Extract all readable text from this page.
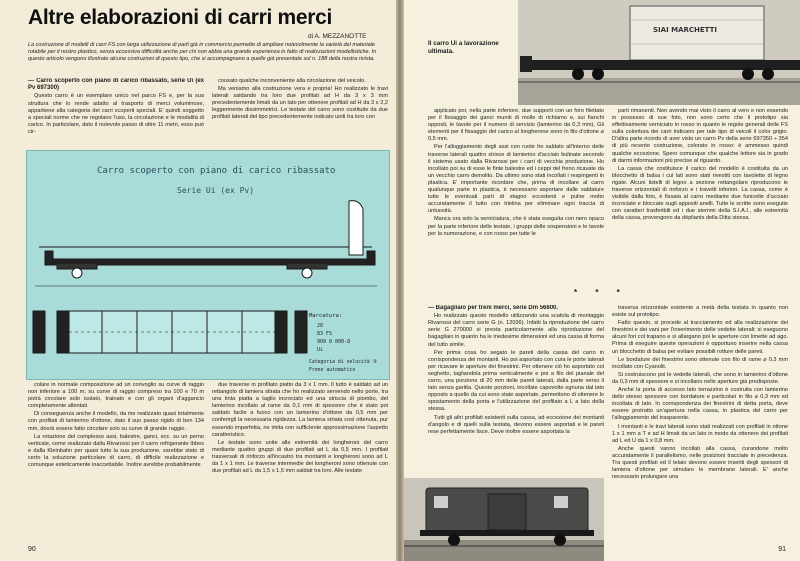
Altre elaborazioni di carri merci
di A. MEZZANOTTE
La costruzione di modelli di carri FS con larga utilizzazione di parti già in commercio permette di ampliare notevolmente la varietà del materiale rotabile per il nostro plastico, senza eccessiva difficoltà anche per chi non abbia una grande esperienza in fatto di realizzazioni modellistiche. In questo articolo vengono illustrate alcune costruzioni di questo tipo, che si accompagnano a quelle già presentate sul n. 188 della nostra rivista.

— Carro scoperto con piano di carico ribassato, serie Ui (ex Pv 697300)

Questo carro è un esemplare unico nel parco FS e, per la sua struttura che lo rende adatto al trasporto di merci voluminose, appartiene alla categoria dei carri scoperti speciali. E' quindi soggetto a speciali norme che ne regolano l'uso, la circolazione e le modalità di carico. In particolare, dato il notevole passo di oltre 11 metri, esso può cir-

cousato qualche inconveniente alla circolazione del veicolo.

Ma veniamo alla costruzione vera e propria! Ho realizzato le travi laterali saldando tra loro due profilati ad H da 3 x 3 mm precedentemente limati da un lato per ottenere profilati ad H da 3 x 2,2 leggermente dissimmetrici. Le testate del carro sono costituite da due profilati laterali del tipo precedentemente indicato uniti tra loro con

Carro scoperto con piano di carico ribassato
Serie Ui (ex Pv)
Marcatura:
20
83 FS
909 0 000-8
Ui
Categoria di velocità ③
Freno automatico

colare in normale composizione ad un convoglio su curve di raggio non inferiore a 100 m; su curve di raggio compreso tra 100 e 70 m potrà circolare solo isolato, trainato e con gli organi d'aggancio completamente allentati.

Di conseguenza anche il modello, da me realizzato quasi totalmente con profilati di lamierino d'ottone, dato il suo passo rigido di ben 134 mm, dovrà essere fatto circolare solo su curve di grande raggio.

La rotazione del complesso assi, balestre, ganci, ecc. su un perno verticale, come realizzato dalla Rivarossi per il carro refrigerante Ibbes e dalla Kleinbahn per quasi tutto la sua produzione, sarebbe stato di certo la soluzione particolare di carro, di difficile realizzazione e comunque esteticamente inaccettabile. Inoltre avrebbe probabilmente

due traverse in profilato piatto da 3 x 1 mm. Il tutto è saldato ad un rettangolo di lamiera stirata che ho realizzato servendo nello porte, tra una tinta piatta a taglio incrociato ed una striscia di piombo, del lamierino incollato al rame da 0,1 mm di spessore che è stato poi saldato facile a fuoco con un lamierino d'ottone da 0,5 mm per conferirgli la necessaria rigidezza. La lamiera striata così ottenuta, pur essendo imperfetta, ne imita con sufficiente approssimazione l'aspetto caratteristico.

Le testate sono unite alle estremità dei longheroni del carro mediante quattro gruppi di due profilati ad L da 0,5 mm. I profilati trasversali di rinforzo all'incastro tra montanti e longheroni sono ad L da 1 x 1 mm. Le traverse intermedie dei longheroni sono ottenute con due profilati ad L da 1,5 x 1,5 mm saldati tra loro. Alle testate

90
Il carro Ui a lavorazione ultimata.
SIAI MARCHETTI

applicato poi, nella parte inferiore, due supporti con un foro filettato per il fissaggio dei ganci muniti di molle di richiamo e, sui fianchi opposti, le tavole per il numero di servizio (lamierino da 0,3 mm). Gli elementi per il fissaggio del carico al longherone sono in filo d'ottone ⌀ 0,5 mm.

Per l'alloggiamento degli assi con ruote ho saldato all'interno delle traverse laterali quattro strisce di lamierino d'acciaio bulinate secondo il sistema usato dalla Rivarossi per i carri di vecchia produzione. Ho incollato poi su di esse le finte balestre ed i ceppi del freno ricavate da un vecchio carro demolito. Da ultimo sono stati incollati i respingenti in plastica. E' importante ricordare che, prima di incollare al carro qualunque parte in plastica, è necessario asportare dalle saldature tutte le eventuali parti di stagno eccedenti e pulire molto accuratamente il tutto con trielina per eliminare ogni traccia di untuosità.

Manca ora solo la verniciatura, che è stata eseguita con nero opaco per la parte inferiore delle testate, i gruppi delle sospensioni e le tavole per la numerazione, e con rosso per tutte le

parti rimanenti. Non avendo mai visto il carro al vero e non essendo in possesso di sue foto, non sono certo che il prototipo sia effettivamente verniciato in rosso in quanto le regole generali delle FS sulla coloritura dei carri indicano per tale tipo di veicoli il color grigio. D'altra parte ricordo di aver visto un carro Pv della serie 697350 ÷ 354 di più recente costruzione, colorato in rosso: è ammesso quindi qualche eccezione. Spero comunque che qualche lettore sia in grado di darmi informazioni più precise al riguardo.

La cassa che costituisce il carico del modello è costituita da un blocchetto di balsa i cui lati sono stati rivestiti con tavolette di legno rigate. Alcuni listelli di legno a sezione rettangolare riproducono le traverse orizzontali di rinforzo e i travetti inferiori. La cassa, come è visibile dalla foto, è fissata al carro mediante due funicelle d'acciaio incrociate e bloccate sugli appositi anelli. Tutte le scritte sono eseguite con caratteri trasferibili ed i due stemmi della S.I.A.I., alle estremità della cassa, provengono da dépliants della Ditta stessa.

* * *

— Bagagliaio per treni merci, serie Dm 56800.

Ho realizzato questo modello utilizzando una scatola di montaggio Rivarossi del carro serie G (n. 12036). Infatti la riproduzione del carro serie G 270000 si presta particolarmente alla riproduzione del bagagliaio in quanto ha le medesime dimensioni ed una cassa di forma del tutto simile.

Per prima cosa ho segato le pareti della cassa del carro in corrispondenza dei montanti. Ho poi asportato con cura le porte laterali per ricavare le aperture dei finestrini. Per ottenere ciò ho asportato col seghetto, tagliandola prima verticalmente e poi a filo del pianale del carro, una porzione di 20 mm delle pareti laterali, dalla parte verso il lato senza garitta. Queste porzioni, incollate capovolte ognuna dal lato opposto a quello da cui sono state asportate, permettono di ottenere lo spostamento della porta e l'utilizzazione del profilato a L a lato della stessa.

Tutti gli altri profilati esistenti sulla cassa, ad eccezione dei montanti d'angolo e di quelli sulla testata, devono essere asportati e le pareti rese perfettamente lisce. Deve inoltre essere asportata la

traversa orizzontale esistente a metà della testata in quanto non esiste sul prototipo.

Fatto questo, si procede al tracciamento ed alla realizzazione dei finestrini e dei vani per l'inserimento delle vedette laterali: si eseguono alcuni fori col trapano e si allargano poi le aperture con limette ad ago. Prima di eseguire queste operazioni è opportuno inserire nella cassa un blocchetto di balsa per evitare possibili rotture delle pareti.

Le bordature dei finestrini sono ottenute con filo di rame ⌀ 0,3 mm incollato con Cyanolit.

Si costruiscono poi le vedette laterali, che sono in lamierino d'ottone da 0,3 mm di spessore e si incollano nelle aperture già predisposte.

Anche la porta di accesso lato terrazzino è costruita con lamierino dello stesso spessore con bordature e particolari in filo ⌀ 0,3 mm ed incollata di lato. In corrispondenza dei finestrini di detta porta, deve essere protratto un'apertura nella cassa, in plastica del carro per l'alloggiamento del trasparente.

I montanti e le travi laterali sono stati realizzati con profilati in ottone 1 x 1 mm a T e ad H limati da un lato in modo da ottenere dei profilati ad L ed U da 1 x 0,8 mm.

Anche questi vanno incollati alla cassa, curandone molto accuratamente il parallelismo, nelle posizioni tracciate in precedenza. Tra questi profilati ed il telaio devono essere inseriti degli spessori di lamiera d'ottone per simulare le membrane laterali. E' anche necessario prolungare una

91
